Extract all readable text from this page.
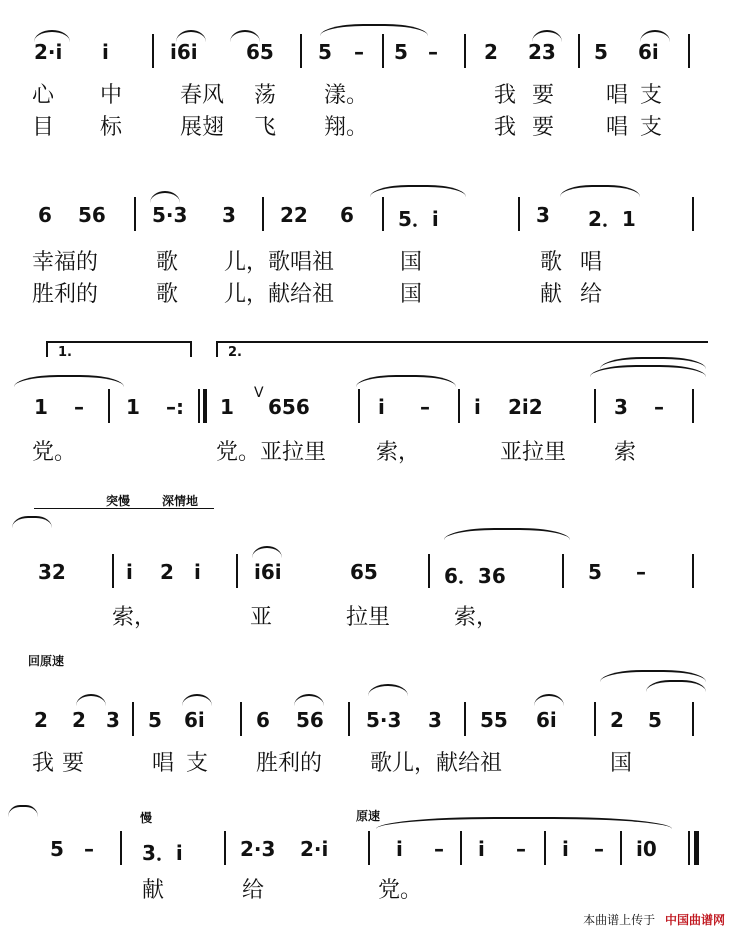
2·i i	i6i 65 5 – 5 – 2 23 5 6i
心 中	春风 荡 漾。	我要 唱支
目 标	展翅 飞 翔。	我要 唱支
6 56 5·3 3 22 6 5．i	3 2．1
幸福的	歌 儿，歌唱祖	国	歌唱
胜利的	歌 儿，献给祖	国	献给
1.	2.
1 – 1 –: 1
V
656	i – i 2i2	3 –
党。	党。亚拉里 索，	亚拉里 索
突慢	深情地
32	i 2 i	i6i	65	6．36	5 –
索，	亚	拉里	索，
回原速
2 2 3 5 6i	6 56 5·3 3 55 6i	2 5
我要	唱支 胜利的 歌儿，献给祖	国
慢	原速
5 – 3．i	2·3 2·i	i – i – i – i0
献	给	党。
本曲谱上传于 中国曲谱网
